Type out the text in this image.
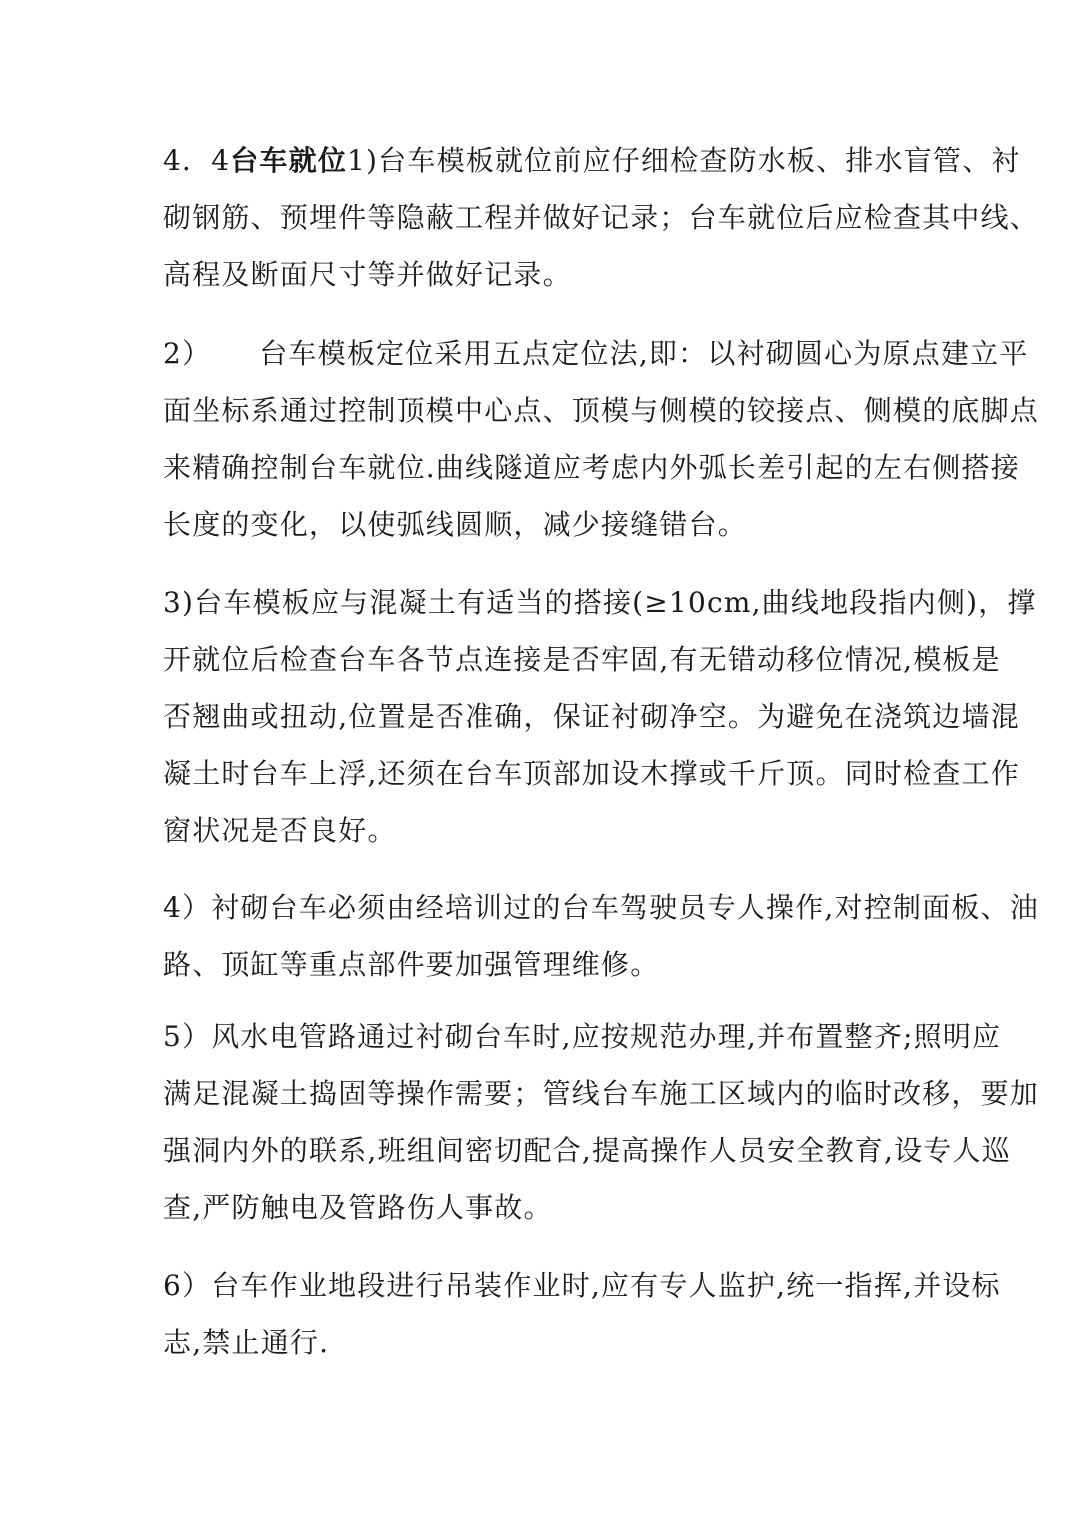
4．4台车就位1)台车模板就位前应仔细检查防水板、排水盲管、衬
砌钢筋、预埋件等隐蔽工程并做好记录；台车就位后应检查其中线、
高程及断面尺寸等并做好记录。

2） 台车模板定位采用五点定位法,即：以衬砌圆心为原点建立平
面坐标系通过控制顶模中心点、顶模与侧模的铰接点、侧模的底脚点
来精确控制台车就位.曲线隧道应考虑内外弧长差引起的左右侧搭接
长度的变化，以使弧线圆顺，减少接缝错台。

3)台车模板应与混凝土有适当的搭接(≥10cm,曲线地段指内侧)，撑
开就位后检查台车各节点连接是否牢固,有无错动移位情况,模板是
否翘曲或扭动,位置是否准确，保证衬砌净空。为避免在浇筑边墙混
凝土时台车上浮,还须在台车顶部加设木撑或千斤顶。同时检查工作
窗状况是否良好。

4）衬砌台车必须由经培训过的台车驾驶员专人操作,对控制面板、油
路、顶缸等重点部件要加强管理维修。

5）风水电管路通过衬砌台车时,应按规范办理,并布置整齐;照明应
满足混凝土捣固等操作需要；管线台车施工区域内的临时改移，要加
强洞内外的联系,班组间密切配合,提高操作人员安全教育,设专人巡
查,严防触电及管路伤人事故。

6）台车作业地段进行吊装作业时,应有专人监护,统一指挥,并设标
志,禁止通行.
